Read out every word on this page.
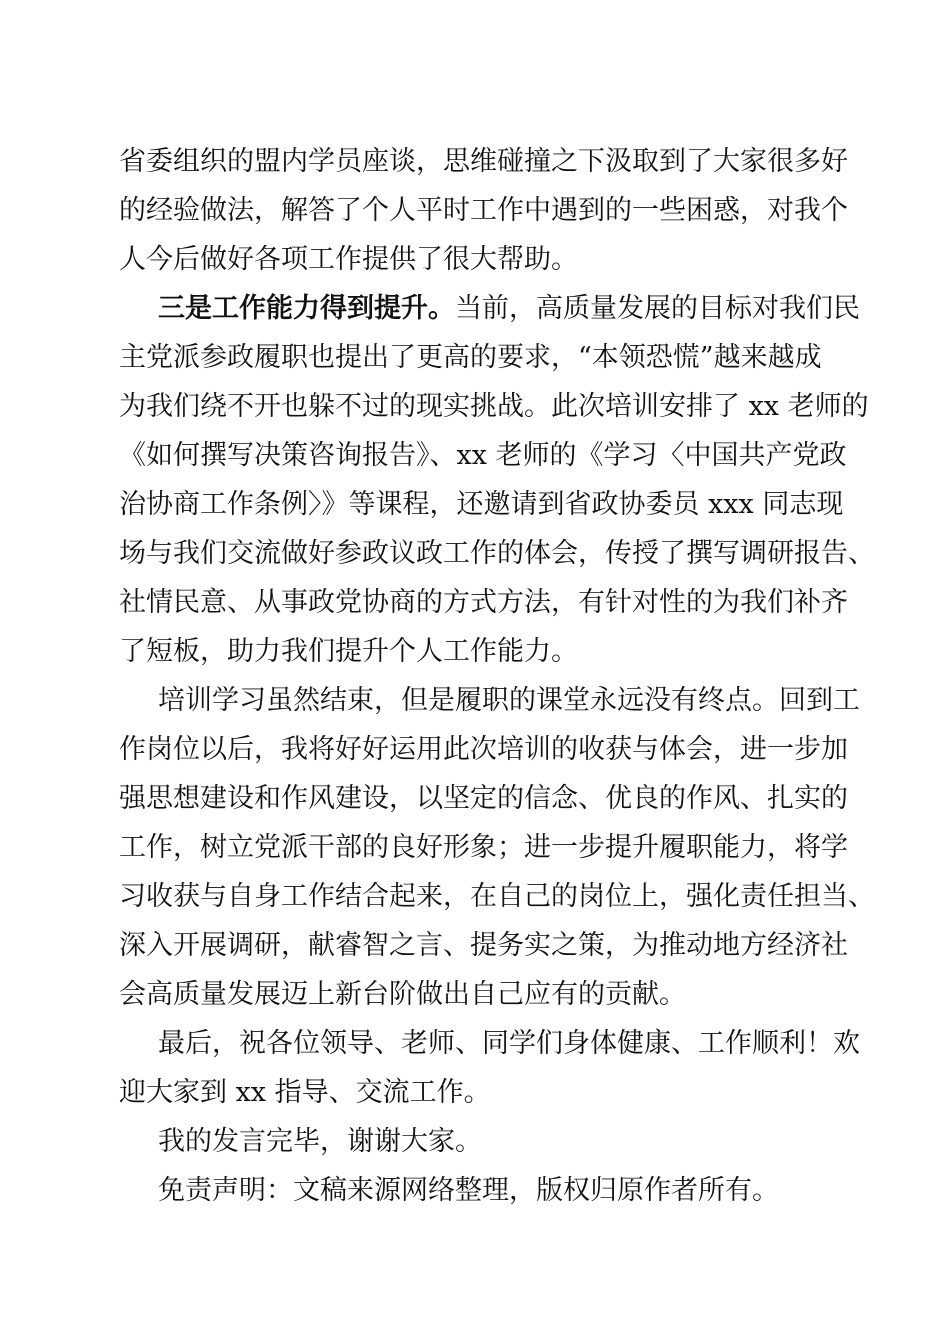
省委组织的盟内学员座谈，思维碰撞之下汲取到了大家很多好
的经验做法，解答了个人平时工作中遇到的一些困惑，对我个
人今后做好各项工作提供了很大帮助。
三是工作能力得到提升。当前，高质量发展的目标对我们民
主党派参政履职也提出了更高的要求，“本领恐慌”越来越成
为我们绕不开也躲不过的现实挑战。此次培训安排了 xx 老师的
《如何撰写决策咨询报告》、xx 老师的《学习〈中国共产党政
治协商工作条例〉》等课程，还邀请到省政协委员 xxx 同志现
场与我们交流做好参政议政工作的体会，传授了撰写调研报告、
社情民意、从事政党协商的方式方法，有针对性的为我们补齐
了短板，助力我们提升个人工作能力。
培训学习虽然结束，但是履职的课堂永远没有终点。回到工
作岗位以后，我将好好运用此次培训的收获与体会，进一步加
强思想建设和作风建设，以坚定的信念、优良的作风、扎实的
工作，树立党派干部的良好形象；进一步提升履职能力，将学
习收获与自身工作结合起来，在自己的岗位上，强化责任担当、
深入开展调研，献睿智之言、提务实之策，为推动地方经济社
会高质量发展迈上新台阶做出自己应有的贡献。
最后，祝各位领导、老师、同学们身体健康、工作顺利！欢
迎大家到 xx 指导、交流工作。
我的发言完毕，谢谢大家。
免责声明：文稿来源网络整理，版权归原作者所有。
